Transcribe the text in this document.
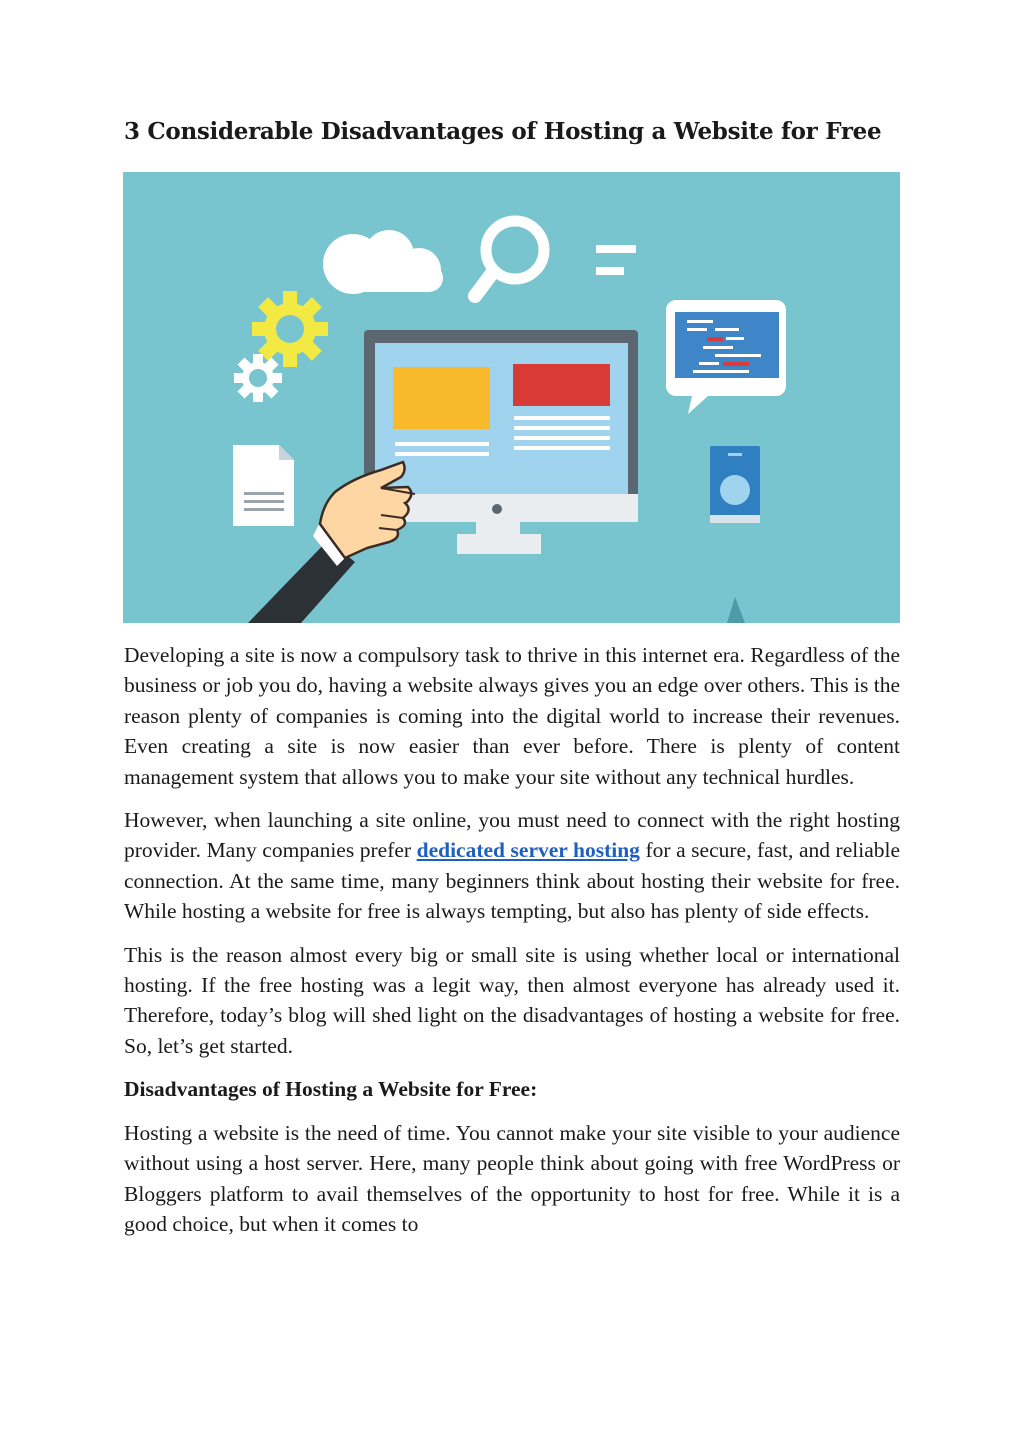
3 Considerable Disadvantages of Hosting a Website for Free

Developing a site is now a compulsory task to thrive in this internet era. Regardless of the business or job you do, having a website always gives you an edge over others. This is the reason plenty of companies is coming into the digital world to increase their revenues. Even creating a site is now easier than ever before. There is plenty of content management system that allows you to make your site without any technical hurdles.

However, when launching a site online, you must need to connect with the right hosting provider. Many companies prefer dedicated server hosting for a secure, fast, and reliable connection. At the same time, many beginners think about hosting their website for free. While hosting a website for free is always tempting, but also has plenty of side effects.

This is the reason almost every big or small site is using whether local or international hosting. If the free hosting was a legit way, then almost everyone has already used it. Therefore, today’s blog will shed light on the disadvantages of hosting a website for free. So, let’s get started.

Disadvantages of Hosting a Website for Free:

Hosting a website is the need of time. You cannot make your site visible to your audience without using a host server. Here, many people think about going with free WordPress or Bloggers platform to avail themselves of the opportunity to host for free. While it is a good choice, but when it comes to
